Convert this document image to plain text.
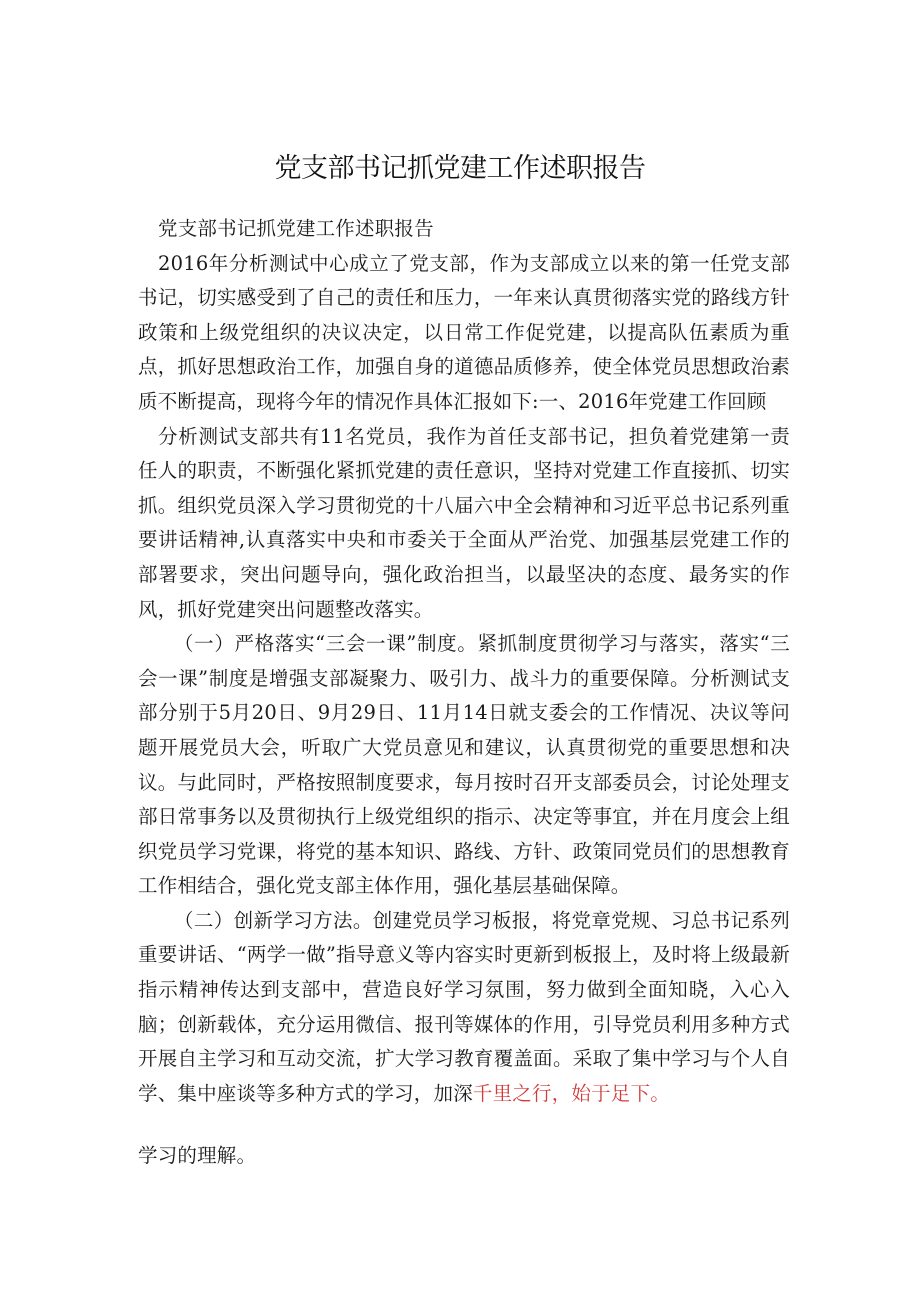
党支部书记抓党建工作述职报告

党支部书记抓党建工作述职报告

2016年分析测试中心成立了党支部，作为支部成立以来的第一任党支部书记，切实感受到了自己的责任和压力，一年来认真贯彻落实党的路线方针政策和上级党组织的决议决定，以日常工作促党建，以提高队伍素质为重点，抓好思想政治工作，加强自身的道德品质修养，使全体党员思想政治素质不断提高，现将今年的情况作具体汇报如下:一、2016年党建工作回顾

分析测试支部共有11名党员，我作为首任支部书记，担负着党建第一责任人的职责，不断强化紧抓党建的责任意识，坚持对党建工作直接抓、切实抓。组织党员深入学习贯彻党的十八届六中全会精神和习近平总书记系列重要讲话精神,认真落实中央和市委关于全面从严治党、加强基层党建工作的部署要求，突出问题导向，强化政治担当，以最坚决的态度、最务实的作风，抓好党建突出问题整改落实。

（一）严格落实“三会一课”制度。紧抓制度贯彻学习与落实，落实“三会一课”制度是增强支部凝聚力、吸引力、战斗力的重要保障。分析测试支部分别于5月20日、9月29日、11月14日就支委会的工作情况、决议等问题开展党员大会，听取广大党员意见和建议，认真贯彻党的重要思想和决议。与此同时，严格按照制度要求，每月按时召开支部委员会，讨论处理支部日常事务以及贯彻执行上级党组织的指示、决定等事宜，并在月度会上组织党员学习党课，将党的基本知识、路线、方针、政策同党员们的思想教育工作相结合，强化党支部主体作用，强化基层基础保障。

（二）创新学习方法。创建党员学习板报，将党章党规、习总书记系列重要讲话、“两学一做”指导意义等内容实时更新到板报上，及时将上级最新指示精神传达到支部中，营造良好学习氛围，努力做到全面知晓，入心入脑；创新载体，充分运用微信、报刊等媒体的作用，引导党员利用多种方式开展自主学习和互动交流，扩大学习教育覆盖面。采取了集中学习与个人自学、集中座谈等多种方式的学习，加深千里之行，始于足下。

学习的理解。
